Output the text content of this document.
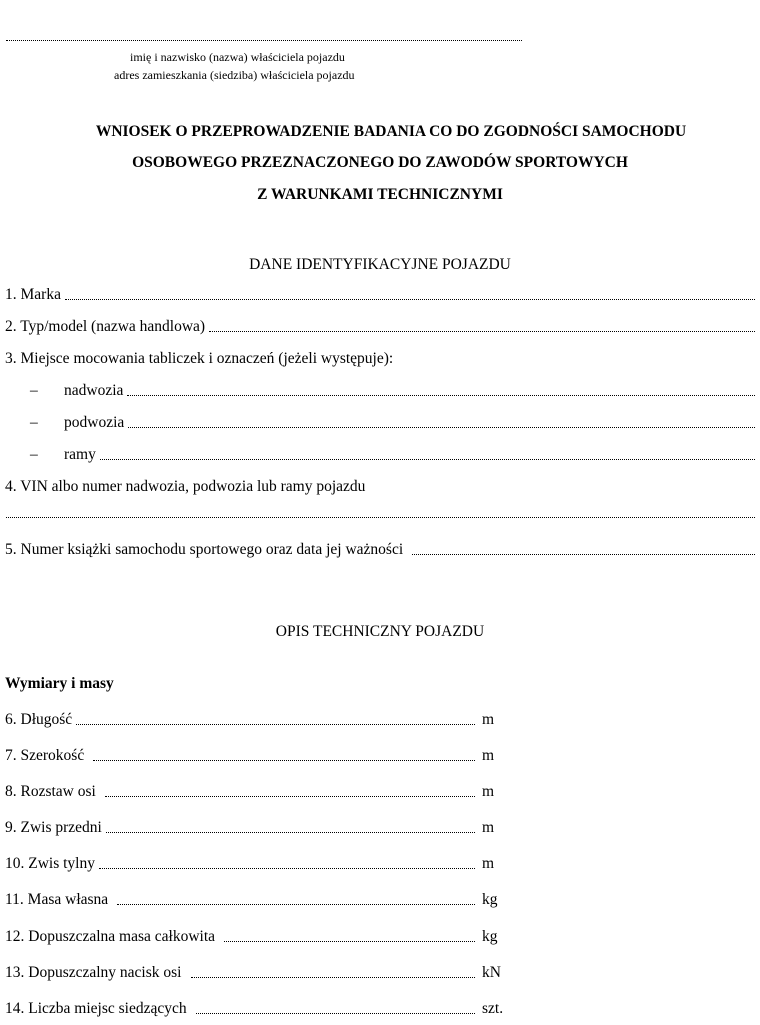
imię i nazwisko (nazwa) właściciela pojazdu
adres zamieszkania (siedziba) właściciela pojazdu
WNIOSEK O PRZEPROWADZENIE BADANIA CO DO ZGODNOŚCI SAMOCHODU
OSOBOWEGO PRZEZNACZONEGO DO ZAWODÓW SPORTOWYCH
Z WARUNKAMI TECHNICZNYMI
DANE IDENTYFIKACYJNE POJAZDU
1. Marka
2. Typ/model (nazwa handlowa)
3. Miejsce mocowania tabliczek i oznaczeń (jeżeli występuje):
– nadwozia
– podwozia
– ramy
4. VIN albo numer nadwozia, podwozia lub ramy pojazdu
5. Numer książki samochodu sportowego oraz data jej ważności
OPIS TECHNICZNY POJAZDU
Wymiary i masy
6. Długość	m
7. Szerokość	m
8. Rozstaw osi	m
9. Zwis przedni	m
10. Zwis tylny	m
11. Masa własna	kg
12. Dopuszczalna masa całkowita	kg
13. Dopuszczalny nacisk osi	kN
14. Liczba miejsc siedzących	szt.
